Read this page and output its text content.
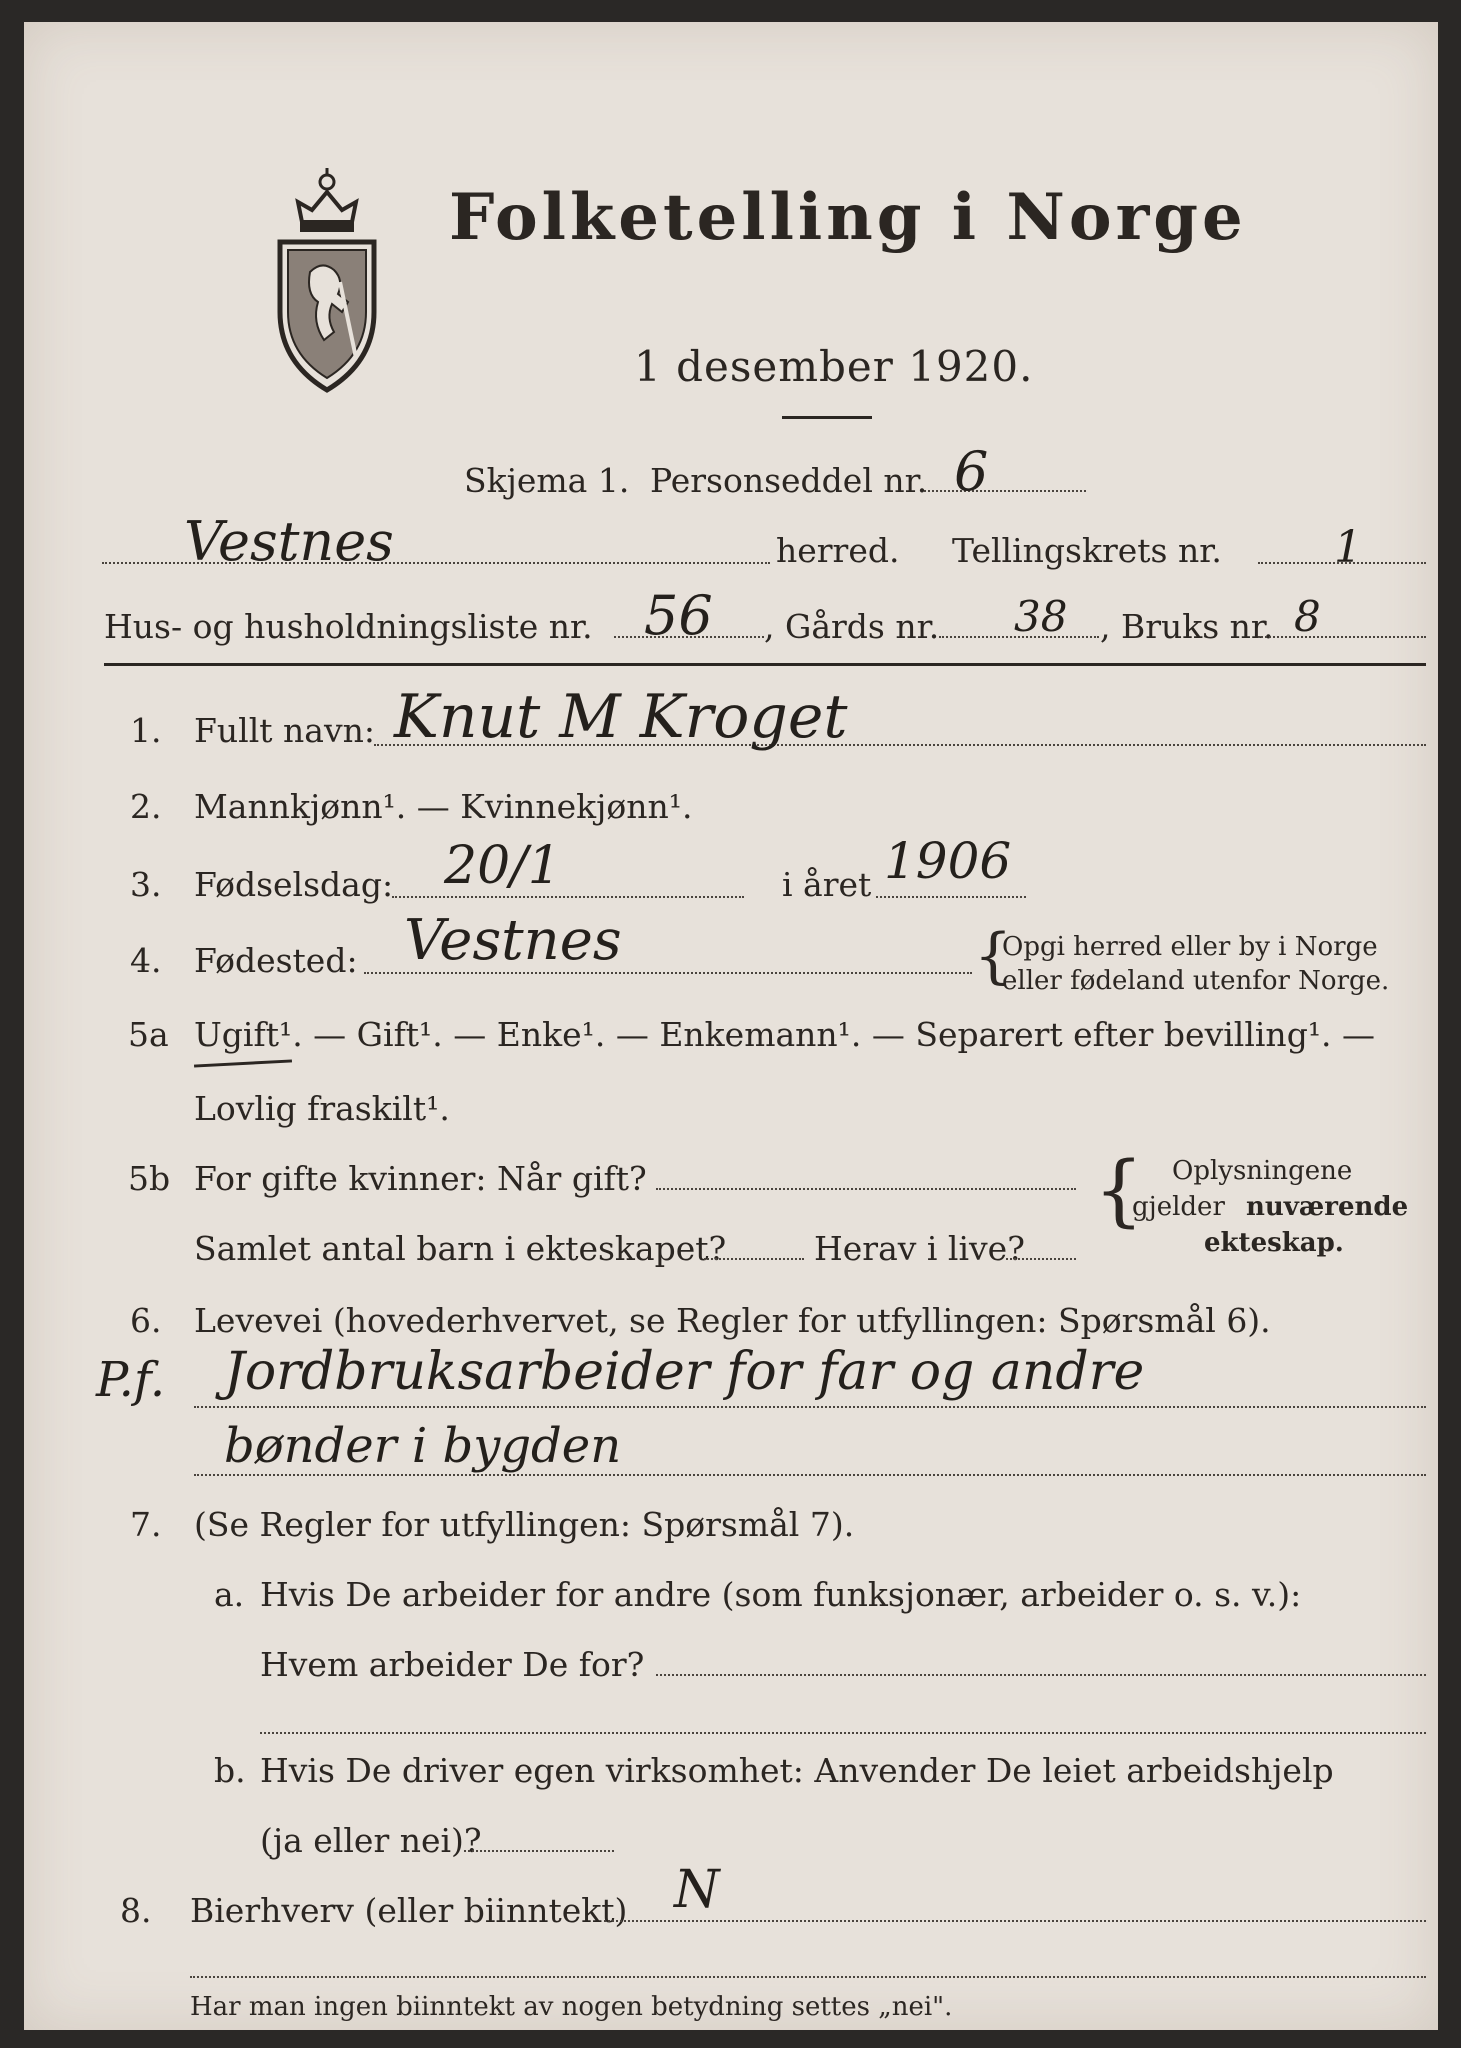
Folketelling i Norge
1 desember 1920.
Skjema 1. Personseddel nr. 6
Vestnes	herred. Tellingskrets nr.	1
Hus- og husholdningsliste nr. 56 , Gårds nr. 38 , Bruks nr. 8
1. Fullt navn: Knut M Kroget
2. Mannkjønn¹. — Kvinnekjønn¹.
3. Fødselsdag: 20/1	i året 1906
4. Fødested: Vestnes	{
Opgi herred eller by i Norge
eller fødeland utenfor Norge.
5a Ugift¹. — Gift¹. — Enke¹. — Enkemann¹. — Separert efter bevilling¹. —
Lovlig fraskilt¹.
5b For gifte kvinner: Når gift?
Samlet antal barn i ekteskapet?	Herav i live?
{ Oplysningene
gjelder nuværende
ekteskap.
6. Levevei (hovederhvervet, se Regler for utfyllingen: Spørsmål 6).
P.f. Jordbruksarbeider for far og andre
bønder i bygden
7. (Se Regler for utfyllingen: Spørsmål 7).
a. Hvis De arbeider for andre (som funksjonær, arbeider o. s. v.):
Hvem arbeider De for?
b. Hvis De driver egen virksomhet: Anvender De leiet arbeidshjelp
(ja eller nei)?
8. Bierhverv (eller biinntekt) N
Har man ingen biinntekt av nogen betydning settes „nei".
